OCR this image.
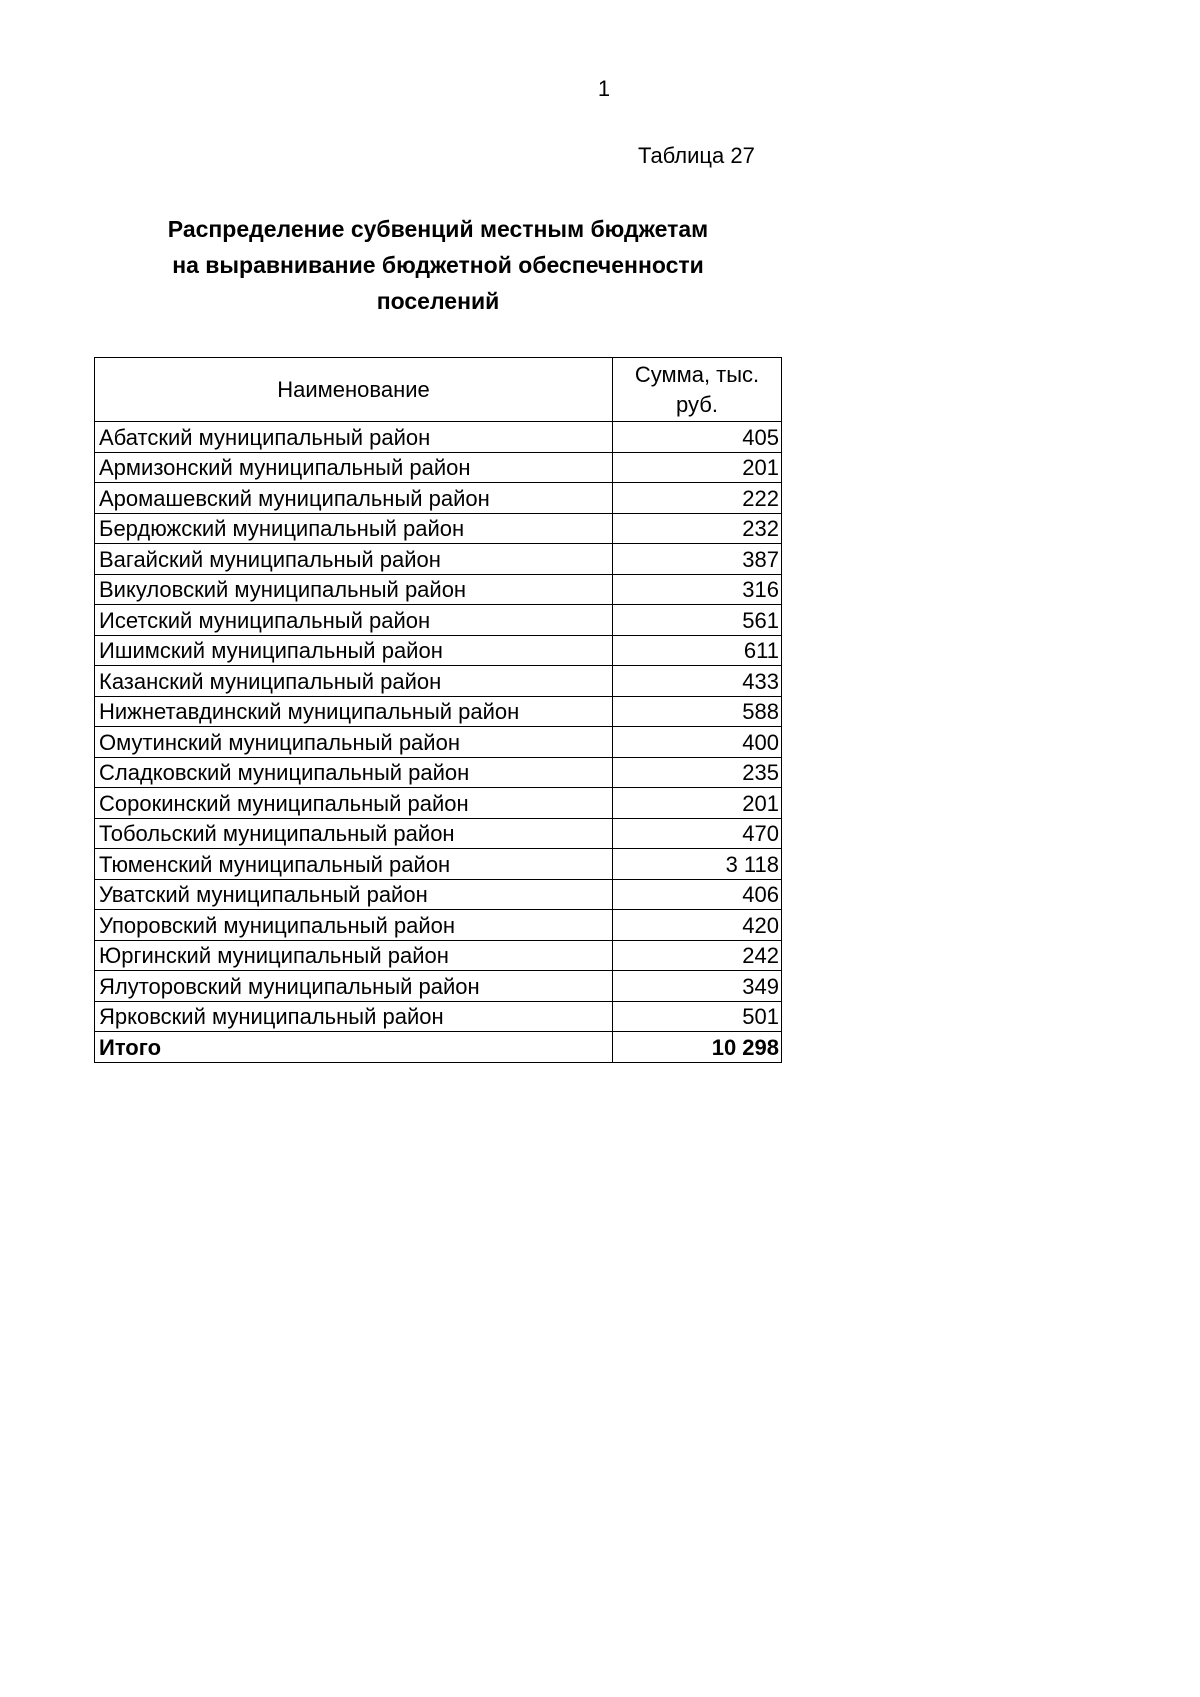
1
Таблица 27
Распределение субвенций местным бюджетам
на выравнивание бюджетной обеспеченности
поселений
Наименование	Сумма, тыс. руб.
Абатский муниципальный район	405
Армизонский муниципальный район	201
Аромашевский муниципальный район	222
Бердюжский муниципальный район	232
Вагайский муниципальный район	387
Викуловский муниципальный район	316
Исетский муниципальный район	561
Ишимский муниципальный район	611
Казанский муниципальный район	433
Нижнетавдинский муниципальный район	588
Омутинский муниципальный район	400
Сладковский муниципальный район	235
Сорокинский муниципальный район	201
Тобольский муниципальный район	470
Тюменский муниципальный район	3 118
Уватский муниципальный район	406
Упоровский муниципальный район	420
Юргинский муниципальный район	242
Ялуторовский муниципальный район	349
Ярковский муниципальный район	501
Итого	10 298
